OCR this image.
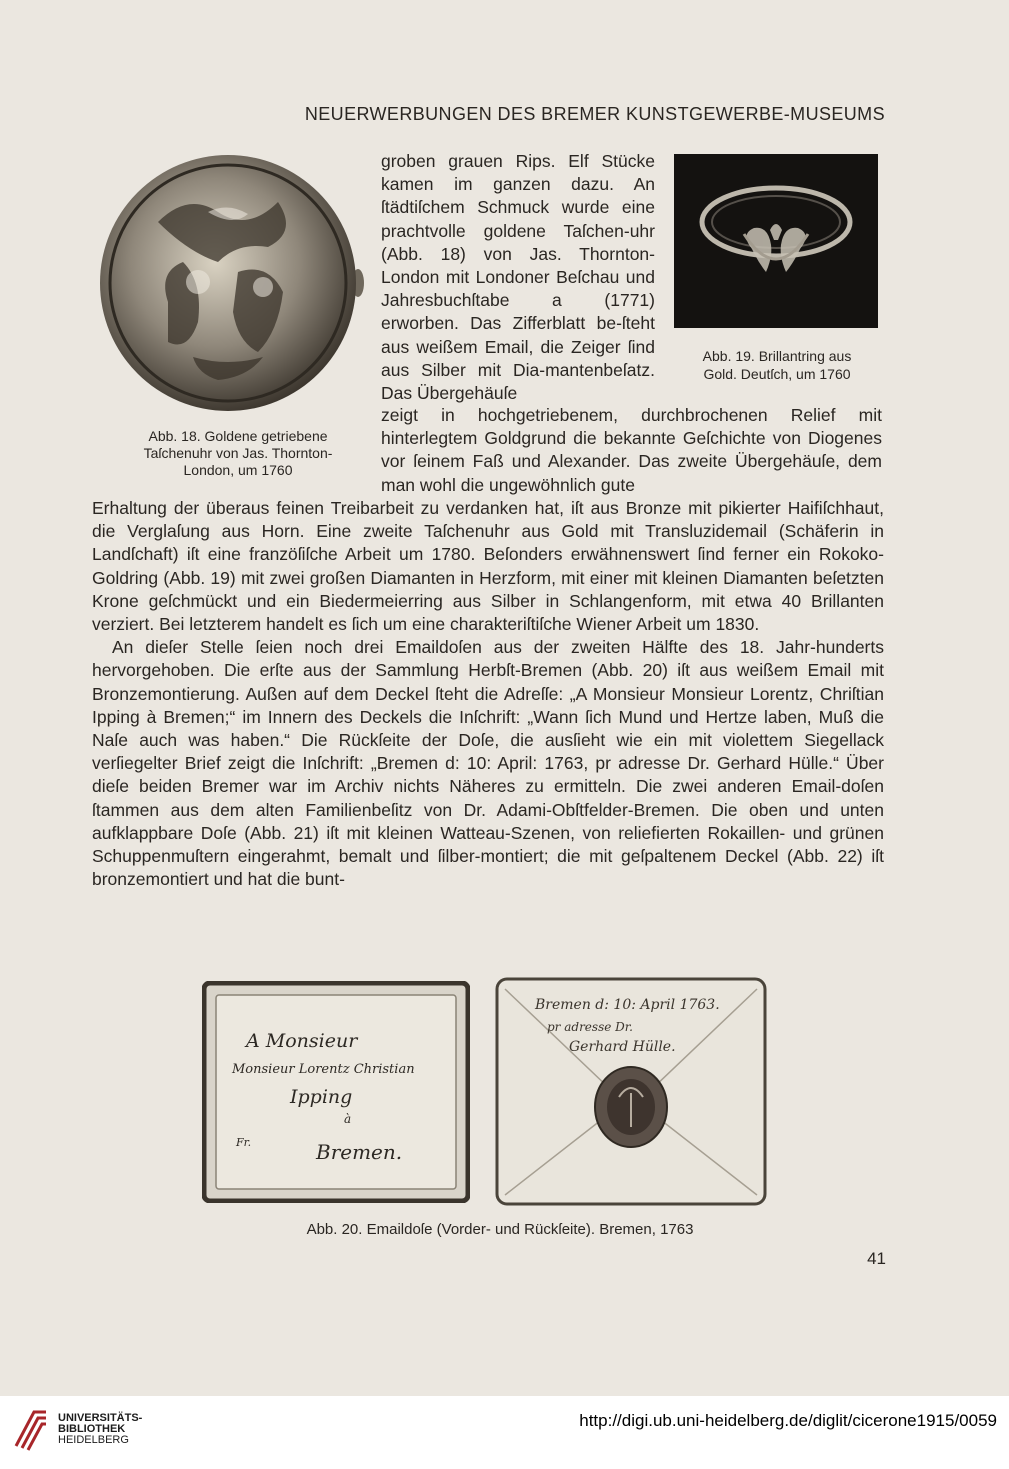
NEUERWERBUNGEN DES BREMER KUNSTGEWERBE-MUSEUMS
Abb. 18. Goldene getriebene
Taſchenuhr von Jas. Thornton-
London, um 1760
Abb. 19. Brillantring aus
Gold. Deutſch, um 1760

groben grauen Rips. Elf Stücke kamen im ganzen dazu. An ſtädtiſchem Schmuck wurde eine prachtvolle goldene Taſchen-uhr (Abb. 18) von Jas. Thornton-London mit Londoner Beſchau und Jahresbuchſtabe a (1771) erworben. Das Zifferblatt be-ſteht aus weißem Email, die Zeiger ſind aus Silber mit Dia-mantenbeſatz. Das Übergehäuſe

zeigt in hochgetriebenem, durchbrochenen Relief mit hinterlegtem Goldgrund die bekannte Geſchichte von Diogenes vor ſeinem Faß und Alexander. Das zweite Übergehäuſe, dem man wohl die ungewöhnlich gute

Erhaltung der überaus feinen Treibarbeit zu verdanken hat, iſt aus Bronze mit pikierter Haifiſchhaut, die Verglaſung aus Horn. Eine zweite Taſchenuhr aus Gold mit Transluzidemail (Schäferin in Landſchaft) iſt eine franzöſiſche Arbeit um 1780. Beſonders erwähnenswert ſind ferner ein Rokoko-Goldring (Abb. 19) mit zwei großen Diamanten in Herzform, mit einer mit kleinen Diamanten beſetzten Krone geſchmückt und ein Biedermeierring aus Silber in Schlangenform, mit etwa 40 Brillanten verziert. Bei letzterem handelt es ſich um eine charakteriſtiſche Wiener Arbeit um 1830.

An dieſer Stelle ſeien noch drei Emaildoſen aus der zweiten Hälfte des 18. Jahr-hunderts hervorgehoben. Die erſte aus der Sammlung Herbſt-Bremen (Abb. 20) iſt aus weißem Email mit Bronzemontierung. Außen auf dem Deckel ſteht die Adreſſe: „A Monsieur Monsieur Lorentz, Chriſtian Ipping à Bremen;“ im Innern des Deckels die Inſchrift: „Wann ſich Mund und Hertze laben, Muß die Naſe auch was haben.“ Die Rückſeite der Doſe, die ausſieht wie ein mit violettem Siegellack verſiegelter Brief zeigt die Inſchrift: „Bremen d: 10: April: 1763, pr adresse Dr. Gerhard Hülle.“ Über dieſe beiden Bremer war im Archiv nichts Näheres zu ermitteln. Die zwei anderen Email-doſen ſtammen aus dem alten Familienbeſitz von Dr. Adami-Obſtfelder-Bremen. Die oben und unten aufklappbare Doſe (Abb. 21) iſt mit kleinen Watteau-Szenen, von reliefierten Rokaillen- und grünen Schuppenmuſtern eingerahmt, bemalt und ſilber-montiert; die mit geſpaltenem Deckel (Abb. 22) iſt bronzemontiert und hat die bunt-

A Monsieur
Monsieur Lorentz Christian
Ipping
à
Fr.	Bremen.
Bremen d: 10: April 1763.
pr adresse Dr.
Gerhard Hülle.
Abb. 20. Emaildoſe (Vorder- und Rückſeite). Bremen, 1763
41
UNIVERSITÄTS-
BIBLIOTHEK
HEIDELBERG
http://digi.ub.uni-heidelberg.de/diglit/cicerone1915/0059
